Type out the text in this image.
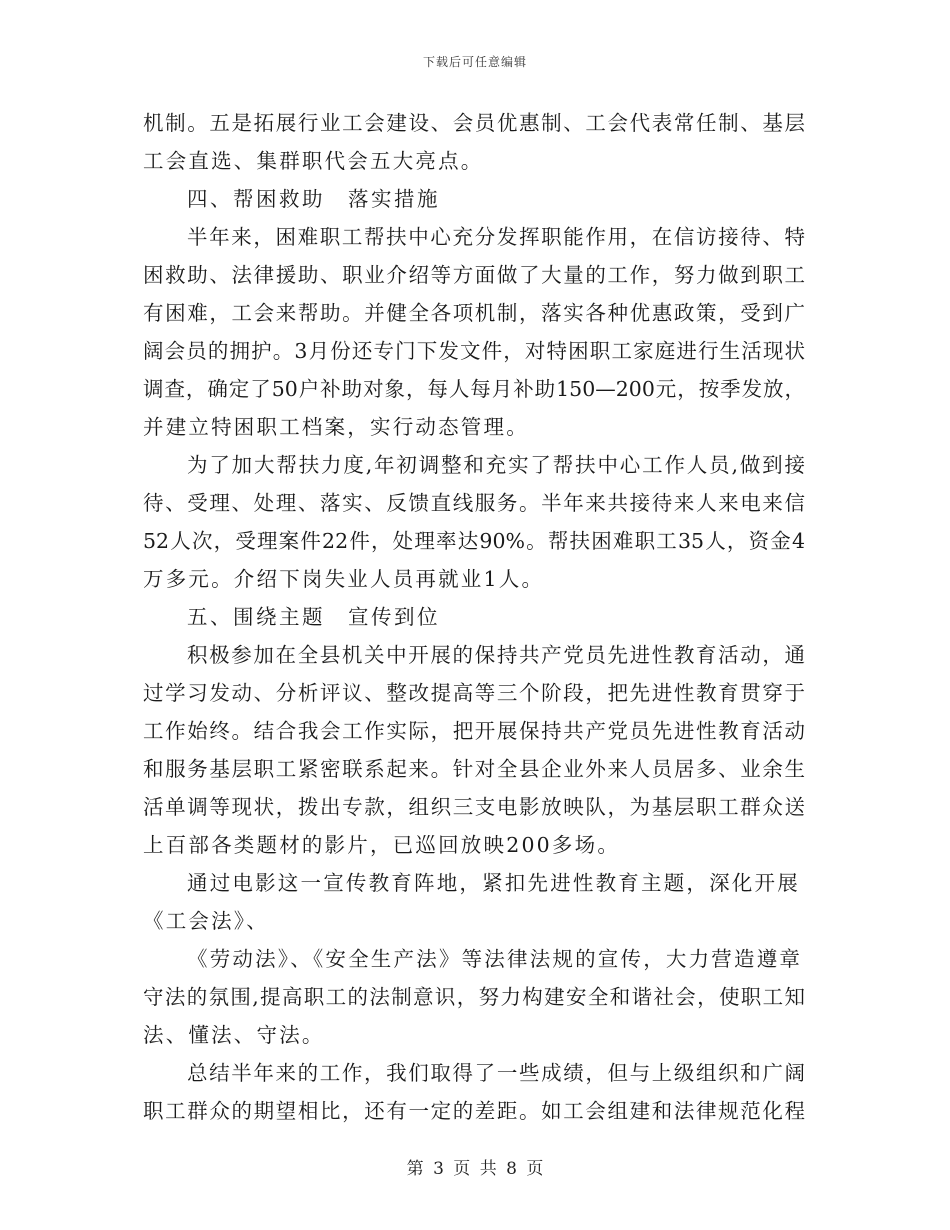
下载后可任意编辑
机制。五是拓展行业工会建设、会员优惠制、工会代表常任制、基层
工会直选、集群职代会五大亮点。
四、帮困救助　落实措施
半年来，困难职工帮扶中心充分发挥职能作用，在信访接待、特
困救助、法律援助、职业介绍等方面做了大量的工作，努力做到职工
有困难，工会来帮助。并健全各项机制，落实各种优惠政策，受到广
阔会员的拥护。3月份还专门下发文件，对特困职工家庭进行生活现状
调查，确定了50户补助对象，每人每月补助150—200元，按季发放，
并建立特困职工档案，实行动态管理。
为了加大帮扶力度,年初调整和充实了帮扶中心工作人员,做到接
待、受理、处理、落实、反馈直线服务。半年来共接待来人来电来信
52人次，受理案件22件，处理率达90%。帮扶困难职工35人，资金4
万多元。介绍下岗失业人员再就业1人。
五、围绕主题　宣传到位
积极参加在全县机关中开展的保持共产党员先进性教育活动，通
过学习发动、分析评议、整改提高等三个阶段，把先进性教育贯穿于
工作始终。结合我会工作实际，把开展保持共产党员先进性教育活动
和服务基层职工紧密联系起来。针对全县企业外来人员居多、业余生
活单调等现状，拨出专款，组织三支电影放映队，为基层职工群众送
上百部各类题材的影片，已巡回放映200多场。
通过电影这一宣传教育阵地，紧扣先进性教育主题，深化开展
《工会法》、
《劳动法》、《安全生产法》等法律法规的宣传，大力营造遵章
守法的氛围,提高职工的法制意识，努力构建安全和谐社会，使职工知
法、懂法、守法。
总结半年来的工作，我们取得了一些成绩，但与上级组织和广阔
职工群众的期望相比，还有一定的差距。如工会组建和法律规范化程
第 3 页 共 8 页
